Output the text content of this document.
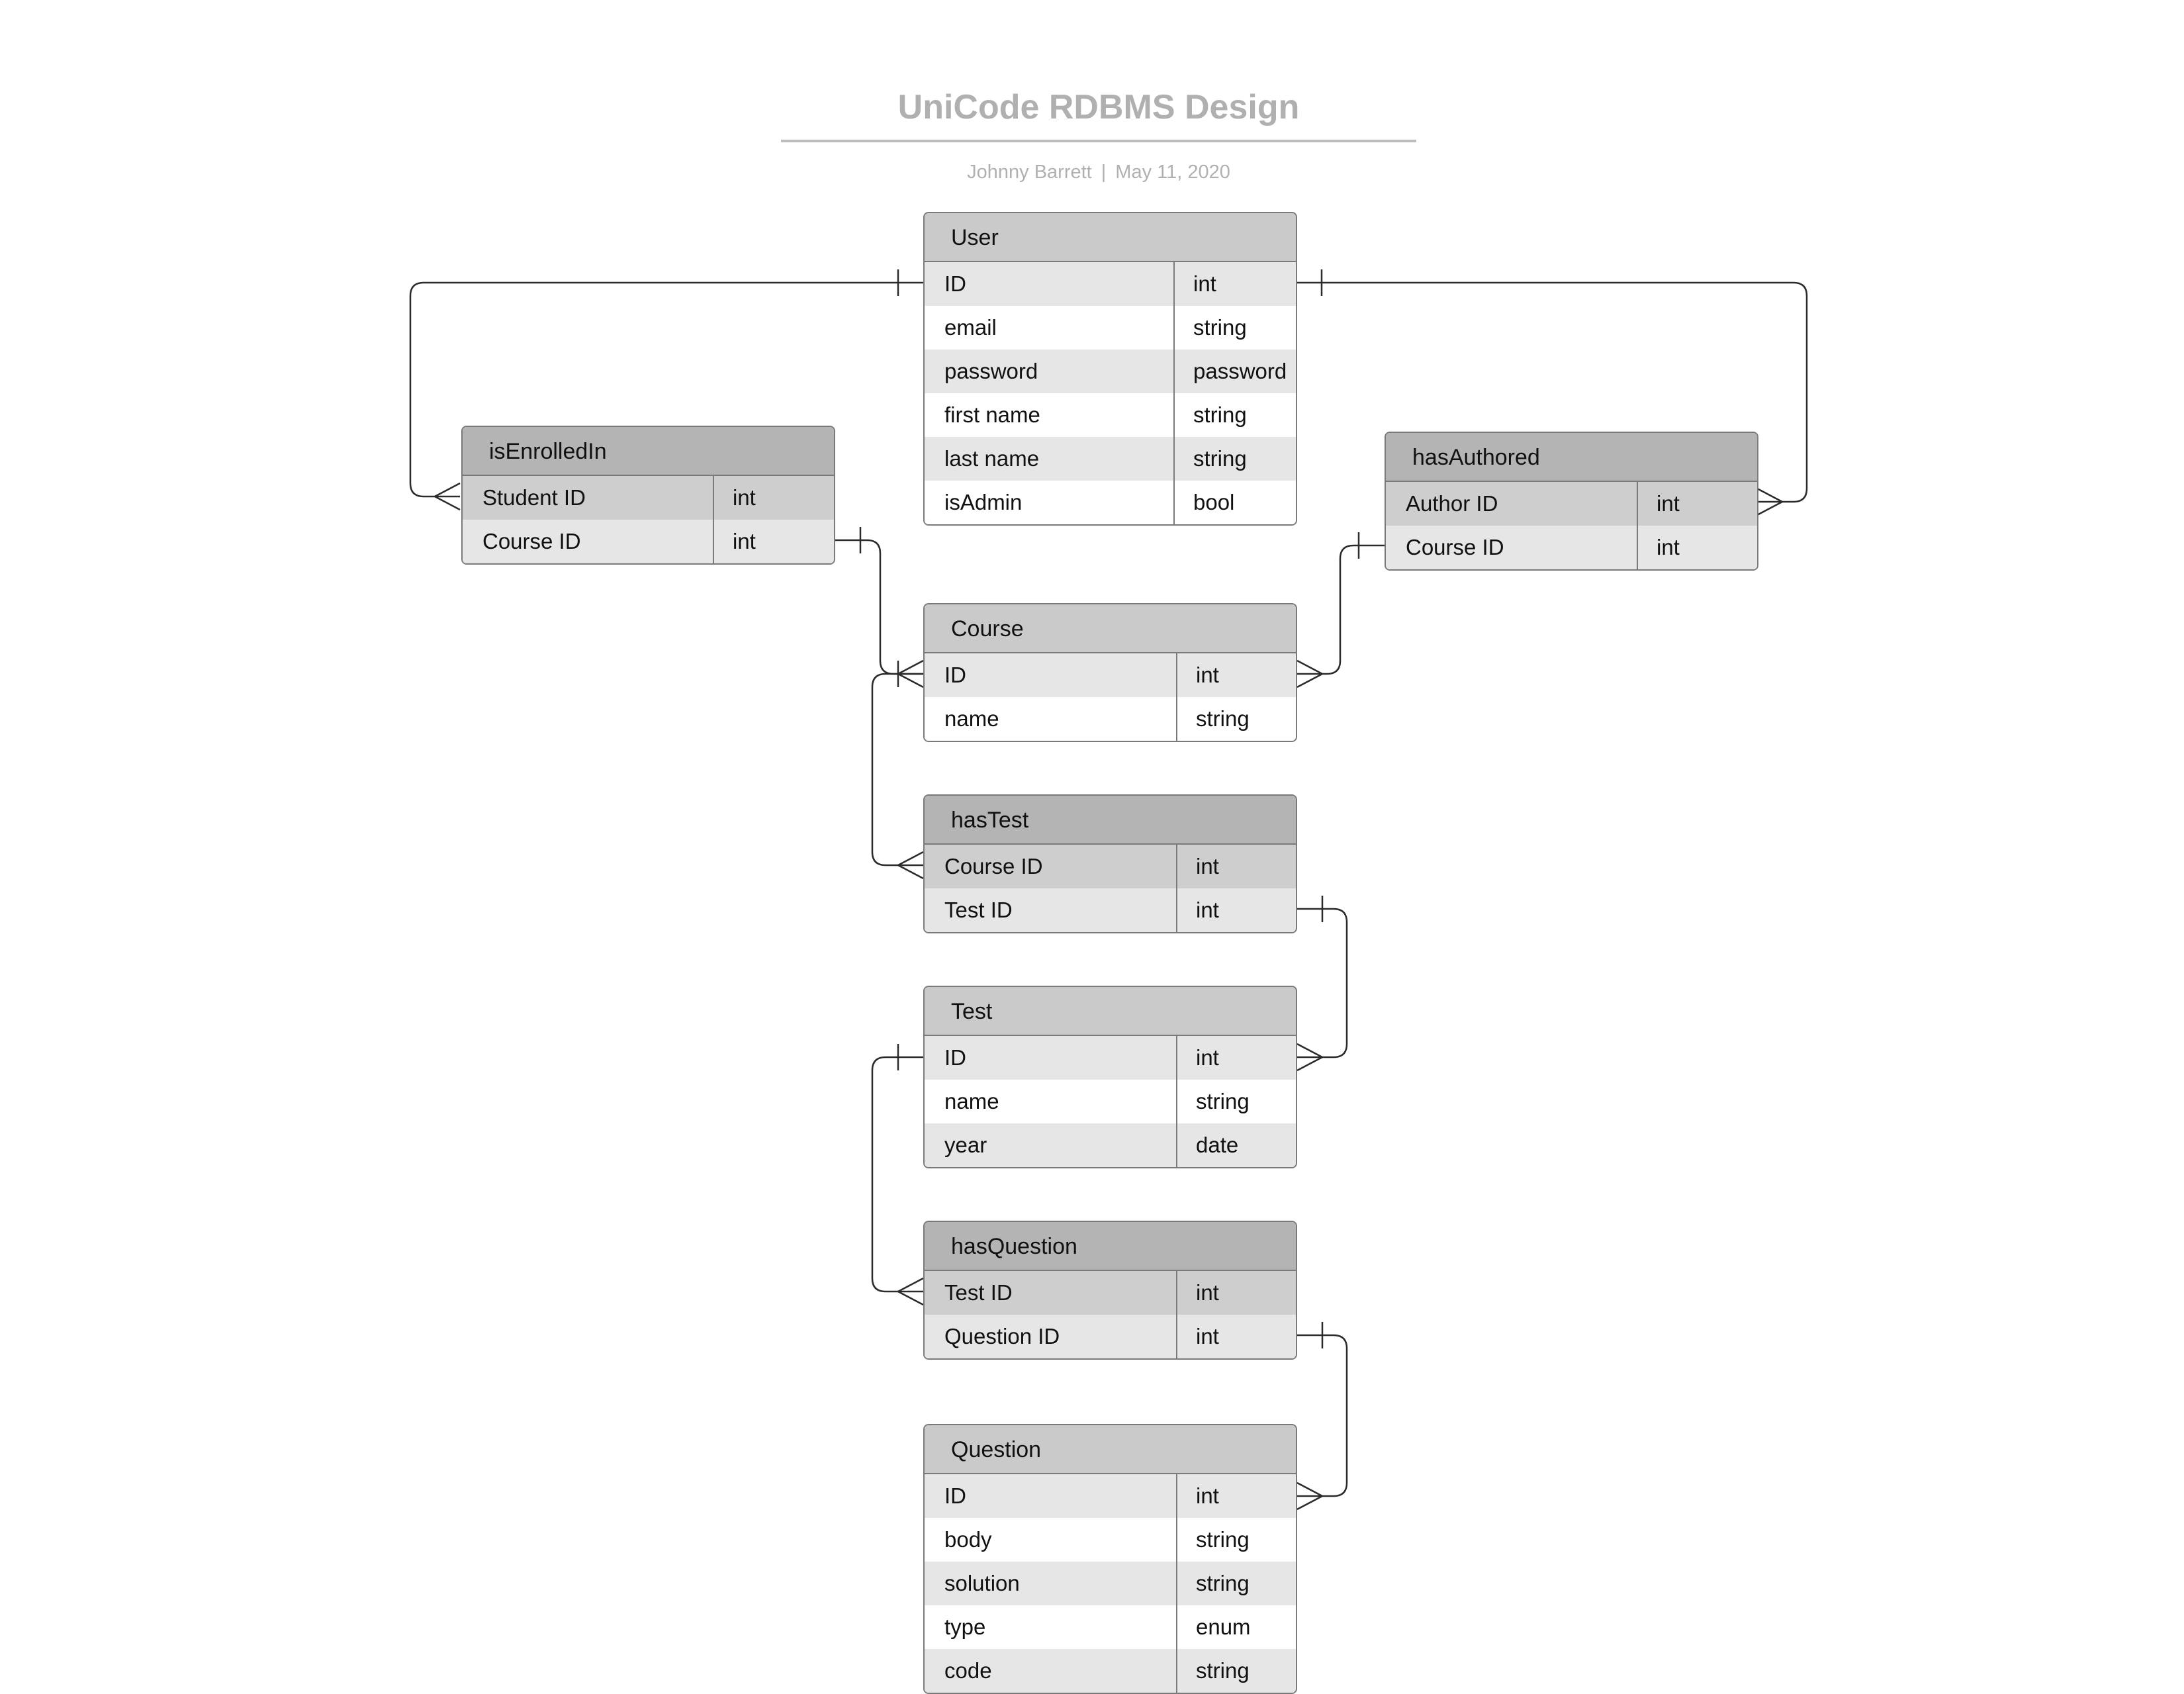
UniCode RDBMS Design
Johnny Barrett | May 11, 2020
User
ID	int
email	string
password	password
first name	string
last name	string
isAdmin	bool
isEnrolledIn
Student ID	int
Course ID	int
hasAuthored
Author ID	int
Course ID	int
Course
ID	int
name	string
hasTest
Course ID	int
Test ID	int
Test
ID	int
name	string
year	date
hasQuestion
Test ID	int
Question ID	int
Question
ID	int
body	string
solution	string
type	enum
code	string
